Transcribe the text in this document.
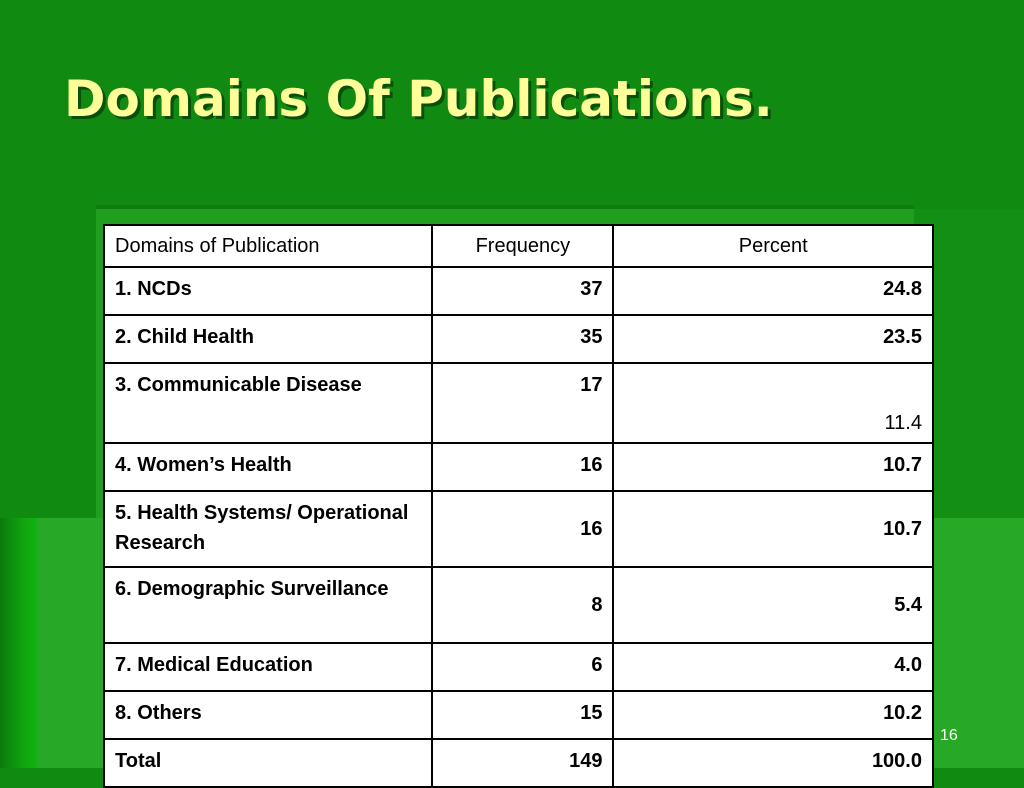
Domains Of Publications.
Domains of Publication	Frequency	Percent
1. NCDs	37	24.8
2. Child Health	35	23.5
3. Communicable Disease	17	11.4
4. Women’s Health	16	10.7
5. Health Systems/ Operational Research	16	10.7
6. Demographic Surveillance	8	5.4
7. Medical Education	6	4.0
8. Others	15	10.2
Total	149	100.0
16
